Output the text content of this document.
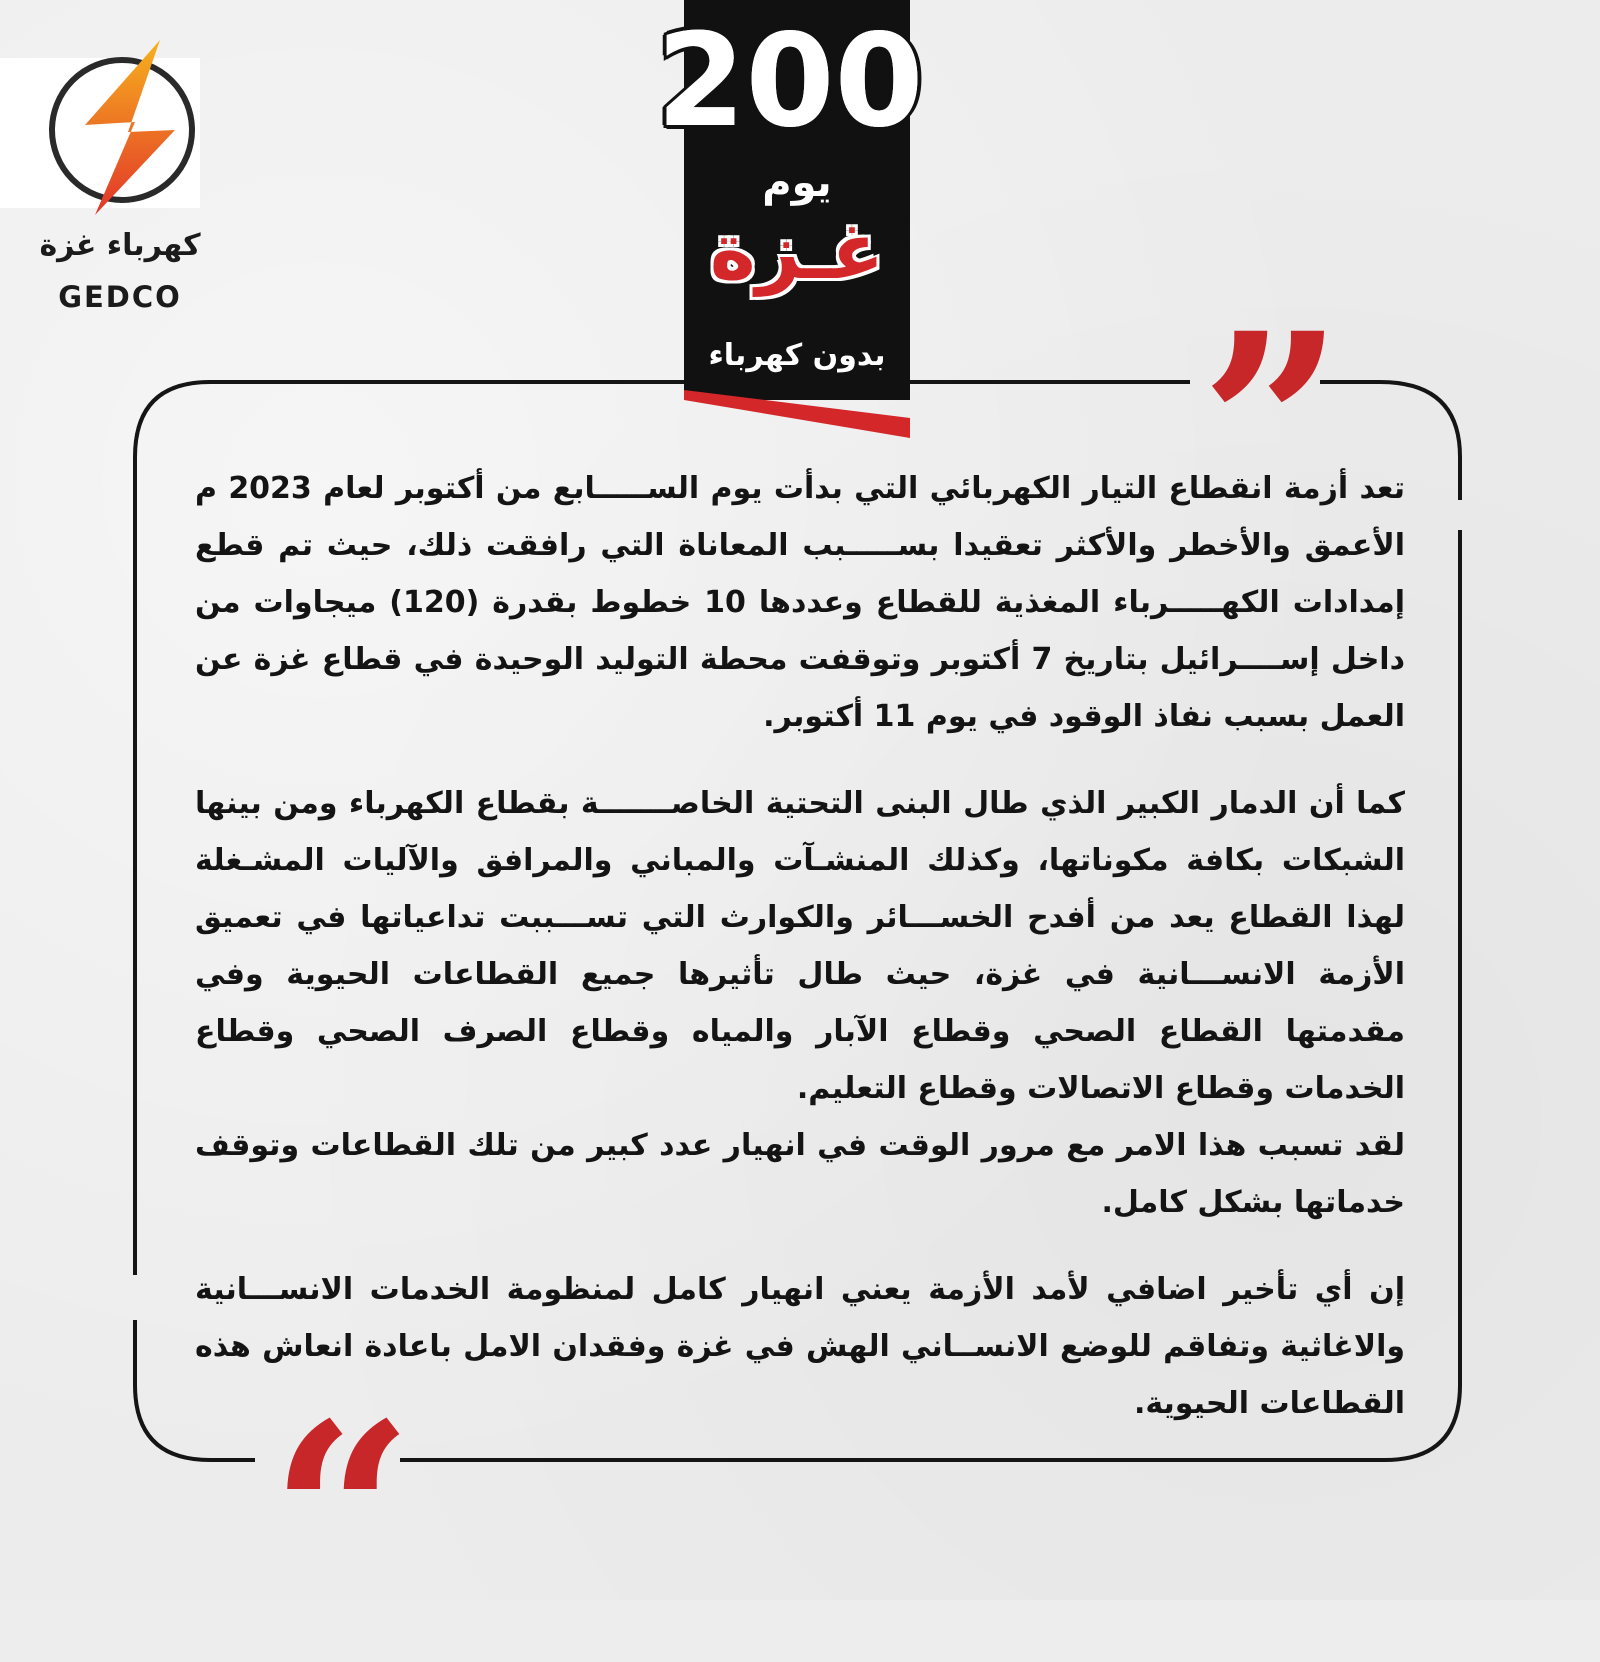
كهرباء غزة
GEDCO
200
يوم
غـزة
بدون كهرباء ”
“

تعد أزمة انقطاع التيار الكهربائي التي بدأت يوم الســـــابع من أكتوبر لعام 2023 م الأعمق والأخطر والأكثر تعقيدا بســـــبب المعاناة التي رافقت ذلك، حيث تم قطع إمدادات الكهـــــرباء المغذية للقطاع وعددها 10 خطوط بقدرة (120) ميجاوات من داخل إســــرائيل بتاريخ 7 أكتوبر وتوقفت محطة التوليد الوحيدة في قطاع غزة عن العمل بسبب نفاذ الوقود في يوم 11 أكتوبر.

كما أن الدمار الكبير الذي طال البنى التحتية الخاصـــــــة بقطاع الكهرباء ومن بينها الشبكات بكافة مكوناتها، وكذلك المنشـآت والمباني والمرافق والآليات المشـغلة لهذا القطاع يعد من أفدح الخســـائر والكوارث التي تســـببت تداعياتها في تعميق الأزمة الانســـانية في غزة، حيث طال تأثيرها جميع القطاعات الحيوية وفي مقدمتها القطاع الصحي وقطاع الآبار والمياه وقطاع الصرف الصحي وقطاع الخدمات وقطاع الاتصالات وقطاع التعليم.

لقد تسبب هذا الامر مع مرور الوقت في انهيار عدد كبير من تلك القطاعات وتوقف خدماتها بشكل كامل.

إن أي تأخير اضافي لأمد الأزمة يعني انهيار كامل لمنظومة الخدمات الانســـانية والاغاثية وتفاقم للوضع الانســاني الهش في غزة وفقدان الامل باعادة انعاش هذه القطاعات الحيوية.
